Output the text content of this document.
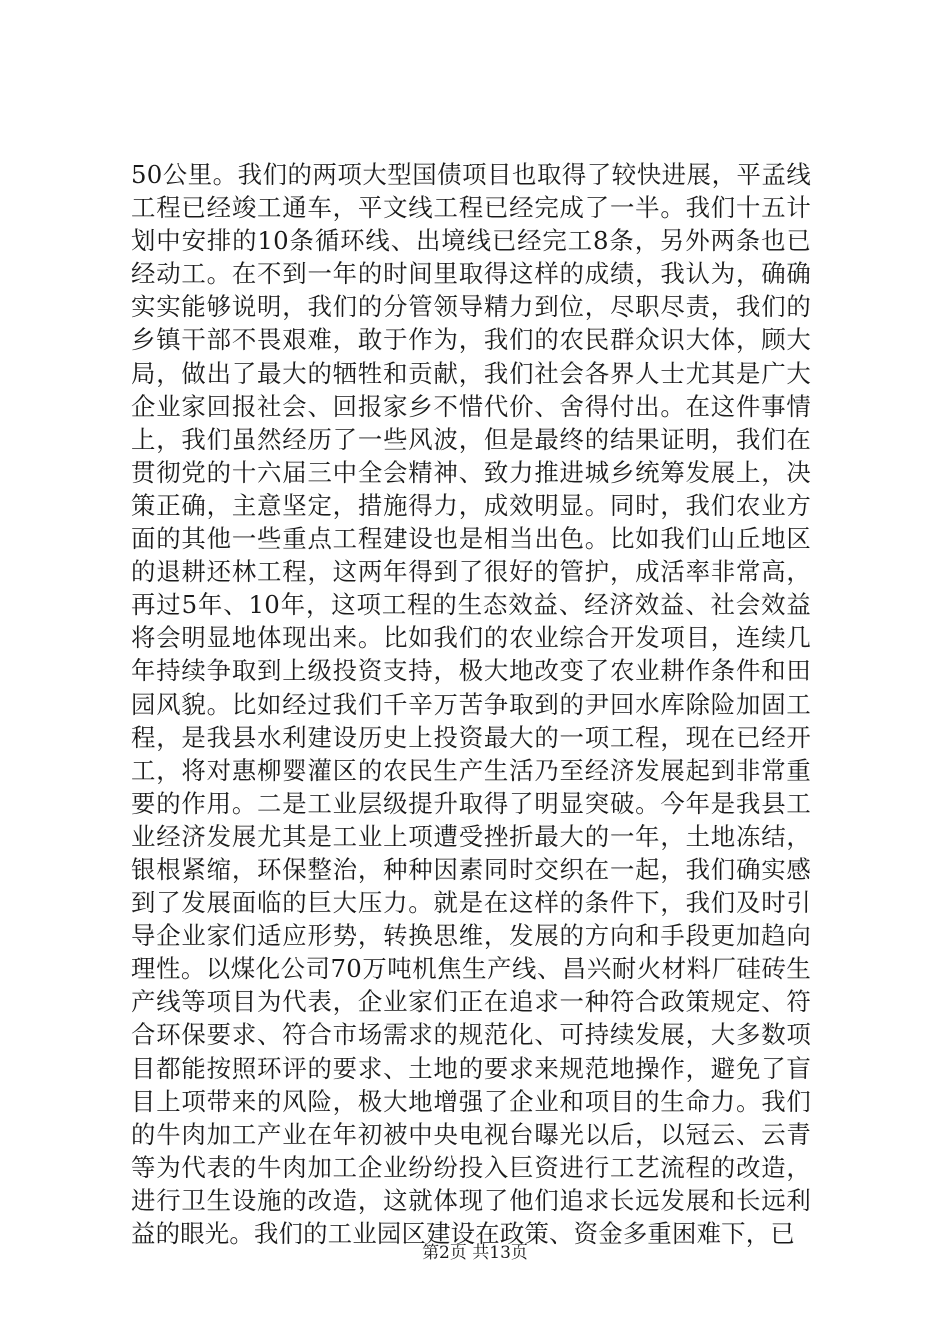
50公里。我们的两项大型国债项目也取得了较快进展，平孟线工程已经竣工通车，平文线工程已经完成了一半。我们十五计划中安排的10条循环线、出境线已经完工8条，另外两条也已经动工。在不到一年的时间里取得这样的成绩，我认为，确确实实能够说明，我们的分管领导精力到位，尽职尽责，我们的乡镇干部不畏艰难，敢于作为，我们的农民群众识大体，顾大局，做出了最大的牺牲和贡献，我们社会各界人士尤其是广大企业家回报社会、回报家乡不惜代价、舍得付出。在这件事情上，我们虽然经历了一些风波，但是最终的结果证明，我们在贯彻党的十六届三中全会精神、致力推进城乡统筹发展上，决策正确，主意坚定，措施得力，成效明显。同时，我们农业方面的其他一些重点工程建设也是相当出色。比如我们山丘地区的退耕还林工程，这两年得到了很好的管护，成活率非常高，再过5年、10年，这项工程的生态效益、经济效益、社会效益将会明显地体现出来。比如我们的农业综合开发项目，连续几年持续争取到上级投资支持，极大地改变了农业耕作条件和田园风貌。比如经过我们千辛万苦争取到的尹回水库除险加固工程，是我县水利建设历史上投资最大的一项工程，现在已经开工，将对惠柳婴灌区的农民生产生活乃至经济发展起到非常重要的作用。二是工业层级提升取得了明显突破。今年是我县工业经济发展尤其是工业上项遭受挫折最大的一年，土地冻结，银根紧缩，环保整治，种种因素同时交织在一起，我们确实感到了发展面临的巨大压力。就是在这样的条件下，我们及时引导企业家们适应形势，转换思维，发展的方向和手段更加趋向理性。以煤化公司70万吨机焦生产线、昌兴耐火材料厂硅砖生产线等项目为代表，企业家们正在追求一种符合政策规定、符合环保要求、符合市场需求的规范化、可持续发展，大多数项目都能按照环评的要求、土地的要求来规范地操作，避免了盲目上项带来的风险，极大地增强了企业和项目的生命力。我们的牛肉加工产业在年初被中央电视台曝光以后，以冠云、云青等为代表的牛肉加工企业纷纷投入巨资进行工艺流程的改造，进行卫生设施的改造，这就体现了他们追求长远发展和长远利益的眼光。我们的工业园区建设在政策、资金多重困难下，已

第2页 共13页
